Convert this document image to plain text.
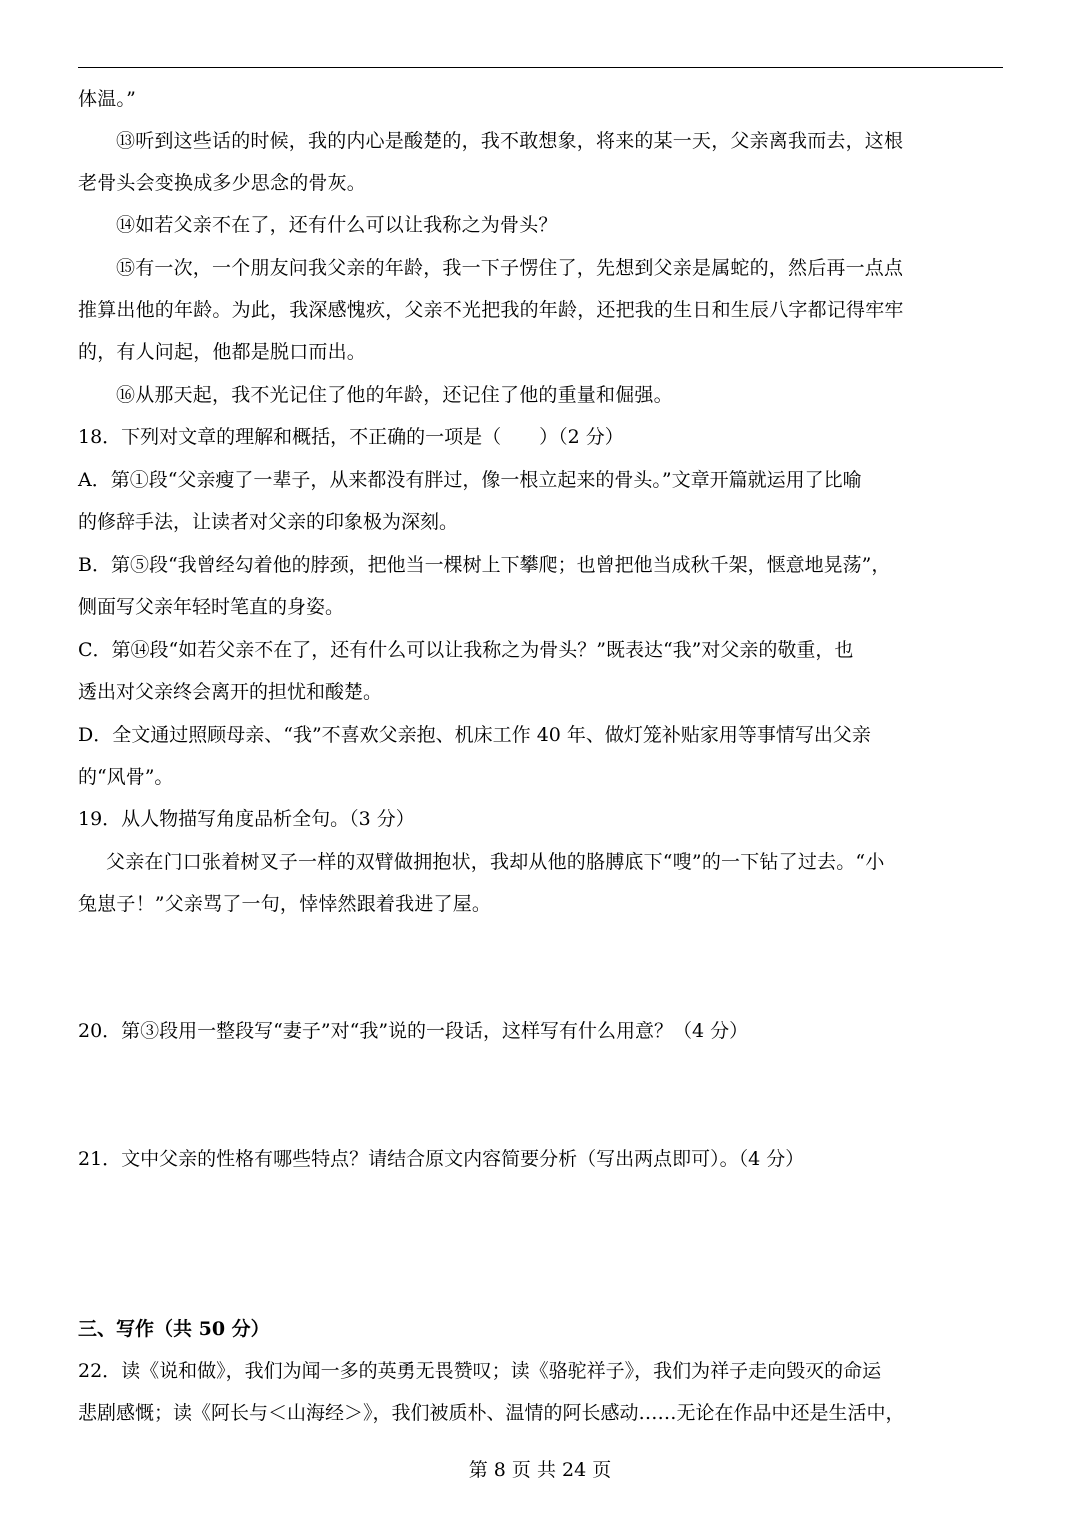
体温。”

⑬听到这些话的时候，我的内心是酸楚的，我不敢想象，将来的某一天，父亲离我而去，这根

老骨头会变换成多少思念的骨灰。

⑭如若父亲不在了，还有什么可以让我称之为骨头？

⑮有一次，一个朋友问我父亲的年龄，我一下子愣住了，先想到父亲是属蛇的，然后再一点点

推算出他的年龄。为此，我深感愧疚，父亲不光把我的年龄，还把我的生日和生辰八字都记得牢牢

的，有人问起，他都是脱口而出。

⑯从那天起，我不光记住了他的年龄，还记住了他的重量和倔强。

18．下列对文章的理解和概括，不正确的一项是（　　）（2 分）

A．第①段“父亲瘦了一辈子，从来都没有胖过，像一根立起来的骨头。”文章开篇就运用了比喻

的修辞手法，让读者对父亲的印象极为深刻。

B．第⑤段“我曾经勾着他的脖颈，把他当一棵树上下攀爬；也曾把他当成秋千架，惬意地晃荡”，

侧面写父亲年轻时笔直的身姿。

C．第⑭段“如若父亲不在了，还有什么可以让我称之为骨头？”既表达“我”对父亲的敬重，也

透出对父亲终会离开的担忧和酸楚。

D．全文通过照顾母亲、“我”不喜欢父亲抱、机床工作 40 年、做灯笼补贴家用等事情写出父亲

的“风骨”。

19．从人物描写角度品析全句。（3 分）

父亲在门口张着树叉子一样的双臂做拥抱状，我却从他的胳膊底下“嗖”的一下钻了过去。“小

兔崽子！”父亲骂了一句，悻悻然跟着我进了屋。

20．第③段用一整段写“妻子”对“我”说的一段话，这样写有什么用意？（4 分）

21．文中父亲的性格有哪些特点？请结合原文内容简要分析（写出两点即可）。（4 分）

三、写作（共 50 分）

22．读《说和做》，我们为闻一多的英勇无畏赞叹；读《骆驼祥子》，我们为祥子走向毁灭的命运

悲剧感慨；读《阿长与＜山海经＞》，我们被质朴、温情的阿长感动……无论在作品中还是生活中，

第 8 页 共 24 页
